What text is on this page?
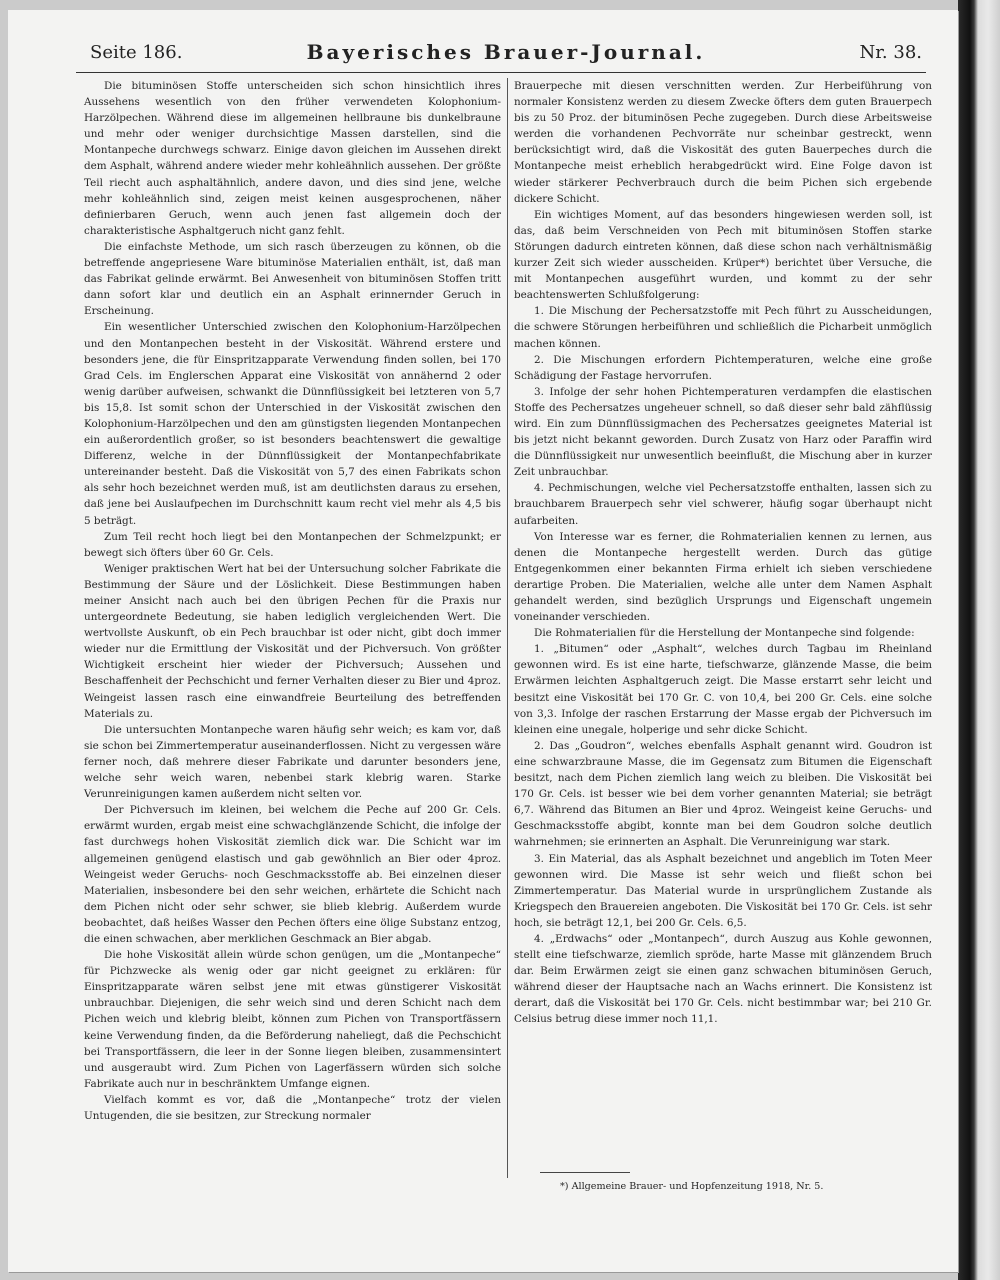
Seite 186.	Bayerisches Brauer-Journal.	Nr. 38.

Die bituminösen Stoffe unterscheiden sich schon hinsichtlich ihres Aussehens wesentlich von den früher verwendeten Kolophonium-Harzölpechen. Während diese im allgemeinen hellbraune bis dunkelbraune und mehr oder weniger durchsichtige Massen darstellen, sind die Montanpeche durchwegs schwarz. Einige davon gleichen im Aussehen direkt dem Asphalt, während andere wieder mehr kohleähnlich aussehen. Der größte Teil riecht auch asphaltähnlich, andere davon, und dies sind jene, welche mehr kohleähnlich sind, zeigen meist keinen ausgesprochenen, näher definierbaren Geruch, wenn auch jenen fast allgemein doch der charakteristische Asphaltgeruch nicht ganz fehlt.

Die einfachste Methode, um sich rasch überzeugen zu können, ob die betreffende angepriesene Ware bituminöse Materialien enthält, ist, daß man das Fabrikat gelinde erwärmt. Bei Anwesenheit von bituminösen Stoffen tritt dann sofort klar und deutlich ein an Asphalt erinnernder Geruch in Erscheinung.

Ein wesentlicher Unterschied zwischen den Kolophonium-Harzölpechen und den Montanpechen besteht in der Viskosität. Während erstere und besonders jene, die für Einspritzapparate Verwendung finden sollen, bei 170 Grad Cels. im Englerschen Apparat eine Viskosität von annähernd 2 oder wenig darüber aufweisen, schwankt die Dünnflüssigkeit bei letzteren von 5,7 bis 15,8. Ist somit schon der Unterschied in der Viskosität zwischen den Kolophonium-Harzölpechen und den am günstigsten liegenden Montanpechen ein außerordentlich großer, so ist besonders beachtenswert die gewaltige Differenz, welche in der Dünnflüssigkeit der Montanpechfabrikate untereinander besteht. Daß die Viskosität von 5,7 des einen Fabrikats schon als sehr hoch bezeichnet werden muß, ist am deutlichsten daraus zu ersehen, daß jene bei Auslaufpechen im Durchschnitt kaum recht viel mehr als 4,5 bis 5 beträgt.

Zum Teil recht hoch liegt bei den Montanpechen der Schmelzpunkt; er bewegt sich öfters über 60 Gr. Cels.

Weniger praktischen Wert hat bei der Untersuchung solcher Fabrikate die Bestimmung der Säure und der Löslichkeit. Diese Bestimmungen haben meiner Ansicht nach auch bei den übrigen Pechen für die Praxis nur untergeordnete Bedeutung, sie haben lediglich vergleichenden Wert. Die wertvollste Auskunft, ob ein Pech brauchbar ist oder nicht, gibt doch immer wieder nur die Ermittlung der Viskosität und der Pichversuch. Von größter Wichtigkeit erscheint hier wieder der Pichversuch; Aussehen und Beschaffenheit der Pechschicht und ferner Verhalten dieser zu Bier und 4proz. Weingeist lassen rasch eine einwandfreie Beurteilung des betreffenden Materials zu.

Die untersuchten Montanpeche waren häufig sehr weich; es kam vor, daß sie schon bei Zimmertemperatur auseinanderflossen. Nicht zu vergessen wäre ferner noch, daß mehrere dieser Fabrikate und darunter besonders jene, welche sehr weich waren, nebenbei stark klebrig waren. Starke Verunreinigungen kamen außerdem nicht selten vor.

Der Pichversuch im kleinen, bei welchem die Peche auf 200 Gr. Cels. erwärmt wurden, ergab meist eine schwachglänzende Schicht, die infolge der fast durchwegs hohen Viskosität ziemlich dick war. Die Schicht war im allgemeinen genügend elastisch und gab gewöhnlich an Bier oder 4proz. Weingeist weder Geruchs- noch Geschmacksstoffe ab. Bei einzelnen dieser Materialien, insbesondere bei den sehr weichen, erhärtete die Schicht nach dem Pichen nicht oder sehr schwer, sie blieb klebrig. Außerdem wurde beobachtet, daß heißes Wasser den Pechen öfters eine ölige Substanz entzog, die einen schwachen, aber merklichen Geschmack an Bier abgab.

Die hohe Viskosität allein würde schon genügen, um die „Montanpeche“ für Pichzwecke als wenig oder gar nicht geeignet zu erklären: für Einspritzapparate wären selbst jene mit etwas günstigerer Viskosität unbrauchbar. Diejenigen, die sehr weich sind und deren Schicht nach dem Pichen weich und klebrig bleibt, können zum Pichen von Transportfässern keine Verwendung finden, da die Beförderung naheliegt, daß die Pechschicht bei Transportfässern, die leer in der Sonne liegen bleiben, zusammensintert und ausgeraubt wird. Zum Pichen von Lagerfässern würden sich solche Fabrikate auch nur in beschränktem Umfange eignen.

Vielfach kommt es vor, daß die „Montanpeche“ trotz der vielen Untugenden, die sie besitzen, zur Streckung normaler

Brauerpeche mit diesen verschnitten werden. Zur Herbeiführung von normaler Konsistenz werden zu diesem Zwecke öfters dem guten Brauerpech bis zu 50 Proz. der bituminösen Peche zugegeben. Durch diese Arbeitsweise werden die vorhandenen Pechvorräte nur scheinbar gestreckt, wenn berücksichtigt wird, daß die Viskosität des guten Bauerpeches durch die Montanpeche meist erheblich herabgedrückt wird. Eine Folge davon ist wieder stärkerer Pechverbrauch durch die beim Pichen sich ergebende dickere Schicht.

Ein wichtiges Moment, auf das besonders hingewiesen werden soll, ist das, daß beim Verschneiden von Pech mit bituminösen Stoffen starke Störungen dadurch eintreten können, daß diese schon nach verhältnismäßig kurzer Zeit sich wieder ausscheiden. Krüper*) berichtet über Versuche, die mit Montanpechen ausgeführt wurden, und kommt zu der sehr beachtenswerten Schlußfolgerung:

1. Die Mischung der Pechersatzstoffe mit Pech führt zu Ausscheidungen, die schwere Störungen herbeiführen und schließlich die Picharbeit unmöglich machen können.

2. Die Mischungen erfordern Pichtemperaturen, welche eine große Schädigung der Fastage hervorrufen.

3. Infolge der sehr hohen Pichtemperaturen verdampfen die elastischen Stoffe des Pechersatzes ungeheuer schnell, so daß dieser sehr bald zähflüssig wird. Ein zum Dünnflüssigmachen des Pechersatzes geeignetes Material ist bis jetzt nicht bekannt geworden. Durch Zusatz von Harz oder Paraffin wird die Dünnflüssigkeit nur unwesentlich beeinflußt, die Mischung aber in kurzer Zeit unbrauchbar.

4. Pechmischungen, welche viel Pechersatzstoffe enthalten, lassen sich zu brauchbarem Brauerpech sehr viel schwerer, häufig sogar überhaupt nicht aufarbeiten.

Von Interesse war es ferner, die Rohmaterialien kennen zu lernen, aus denen die Montanpeche hergestellt werden. Durch das gütige Entgegenkommen einer bekannten Firma erhielt ich sieben verschiedene derartige Proben. Die Materialien, welche alle unter dem Namen Asphalt gehandelt werden, sind bezüglich Ursprungs und Eigenschaft ungemein voneinander verschieden.

Die Rohmaterialien für die Herstellung der Montanpeche sind folgende:

1. „Bitumen“ oder „Asphalt“, welches durch Tagbau im Rheinland gewonnen wird. Es ist eine harte, tiefschwarze, glänzende Masse, die beim Erwärmen leichten Asphaltgeruch zeigt. Die Masse erstarrt sehr leicht und besitzt eine Viskosität bei 170 Gr. C. von 10,4, bei 200 Gr. Cels. eine solche von 3,3. Infolge der raschen Erstarrung der Masse ergab der Pichversuch im kleinen eine unegale, holperige und sehr dicke Schicht.

2. Das „Goudron“, welches ebenfalls Asphalt genannt wird. Goudron ist eine schwarzbraune Masse, die im Gegensatz zum Bitumen die Eigenschaft besitzt, nach dem Pichen ziemlich lang weich zu bleiben. Die Viskosität bei 170 Gr. Cels. ist besser wie bei dem vorher genannten Material; sie beträgt 6,7. Während das Bitumen an Bier und 4proz. Weingeist keine Geruchs- und Geschmacksstoffe abgibt, konnte man bei dem Goudron solche deutlich wahrnehmen; sie erinnerten an Asphalt. Die Verunreinigung war stark.

3. Ein Material, das als Asphalt bezeichnet und angeblich im Toten Meer gewonnen wird. Die Masse ist sehr weich und fließt schon bei Zimmertemperatur. Das Material wurde in ursprünglichem Zustande als Kriegspech den Brauereien angeboten. Die Viskosität bei 170 Gr. Cels. ist sehr hoch, sie beträgt 12,1, bei 200 Gr. Cels. 6,5.

4. „Erdwachs“ oder „Montanpech“, durch Auszug aus Kohle gewonnen, stellt eine tiefschwarze, ziemlich spröde, harte Masse mit glänzendem Bruch dar. Beim Erwärmen zeigt sie einen ganz schwachen bituminösen Geruch, während dieser der Hauptsache nach an Wachs erinnert. Die Konsistenz ist derart, daß die Viskosität bei 170 Gr. Cels. nicht bestimmbar war; bei 210 Gr. Celsius betrug diese immer noch 11,1.

*) Allgemeine Brauer- und Hopfenzeitung 1918, Nr. 5.
